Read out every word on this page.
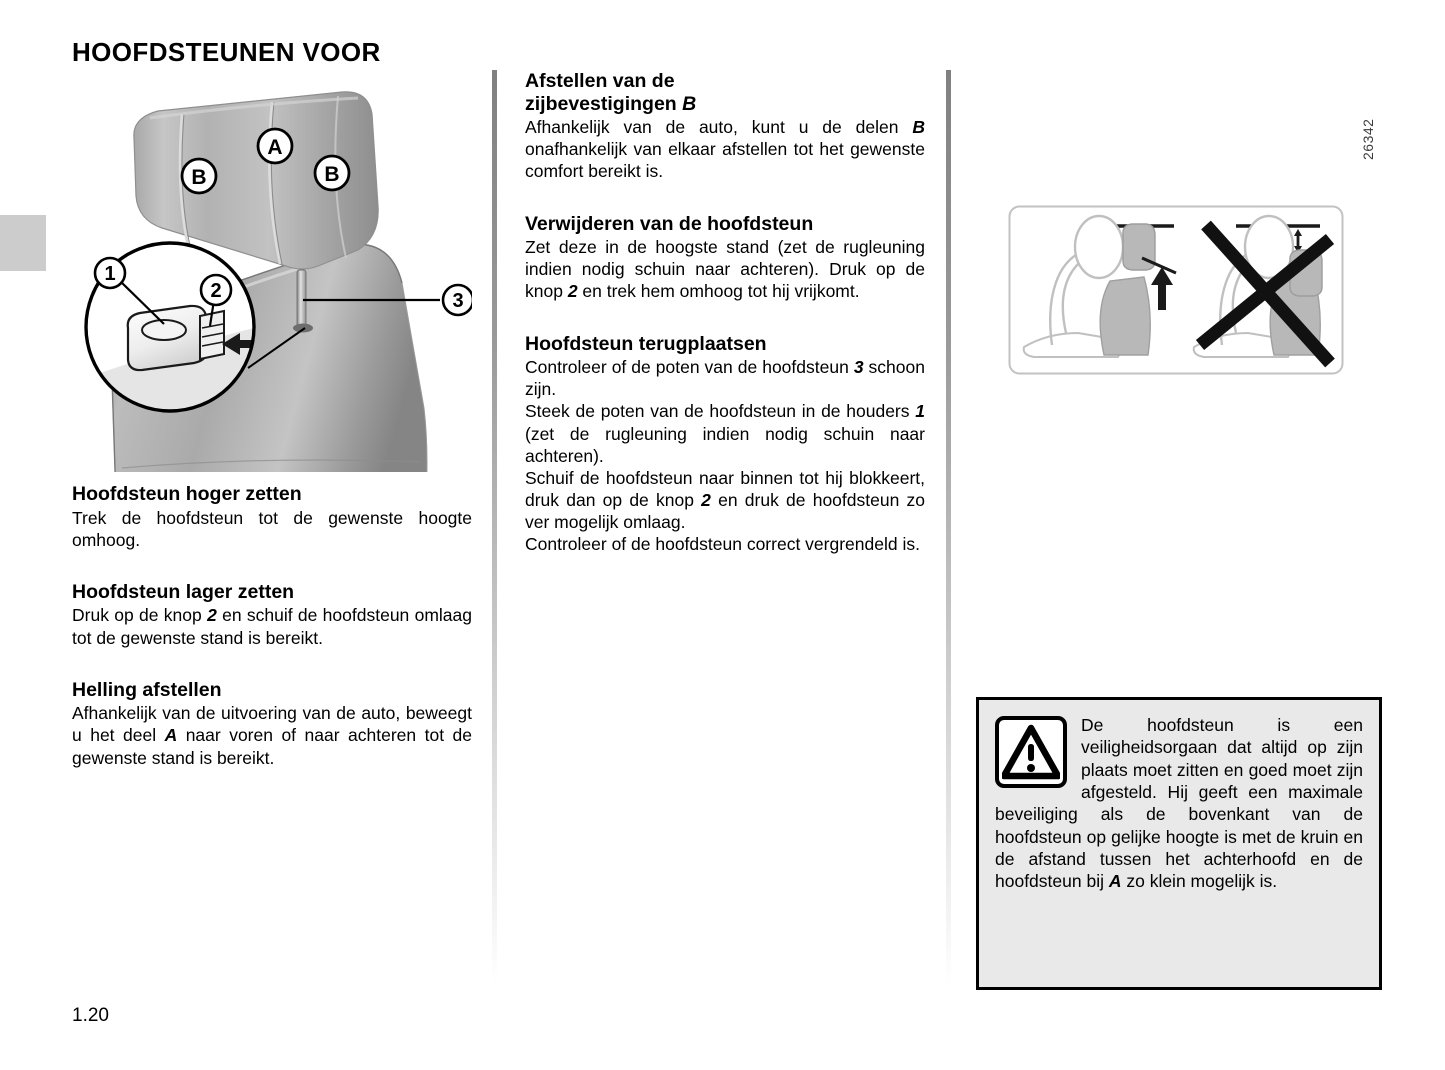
HOOFDSTEUNEN VOOR
26342
3
1
2
A
B	B
Hoofdsteun hoger zetten

Trek de hoofdsteun tot de gewenste hoogte omhoog.

Hoofdsteun lager zetten

Druk op de knop 2 en schuif de hoofdsteun omlaag tot de gewenste stand is bereikt.

Helling afstellen

Afhankelijk van de uitvoering van de auto, beweegt u het deel A naar voren of naar achteren tot de gewenste stand is bereikt.

Afstellen van de
zijbevestigingen B

Afhankelijk van de auto, kunt u de delen B onafhankelijk van elkaar afstellen tot het gewenste comfort bereikt is.

Verwijderen van de hoofdsteun

Zet deze in de hoogste stand (zet de rugleuning indien nodig schuin naar achteren). Druk op de knop 2 en trek hem omhoog tot hij vrijkomt.

Hoofdsteun terugplaatsen

Controleer of de poten van de hoofdsteun 3 schoon zijn.

Steek de poten van de hoofdsteun in de houders 1 (zet de rugleuning indien nodig schuin naar achteren).

Schuif de hoofdsteun naar binnen tot hij blokkeert, druk dan op de knop 2 en druk de hoofdsteun zo ver mogelijk omlaag.

Controleer of de hoofdsteun correct vergrendeld is.

De hoofdsteun is een veiligheidsorgaan dat altijd op zijn plaats moet zitten en goed moet zijn afgesteld. Hij geeft een maximale beveiliging als de bovenkant van de hoofdsteun op gelijke hoogte is met de kruin en de afstand tussen het achterhoofd en de hoofdsteun bij A zo klein mogelijk is.

1.20
